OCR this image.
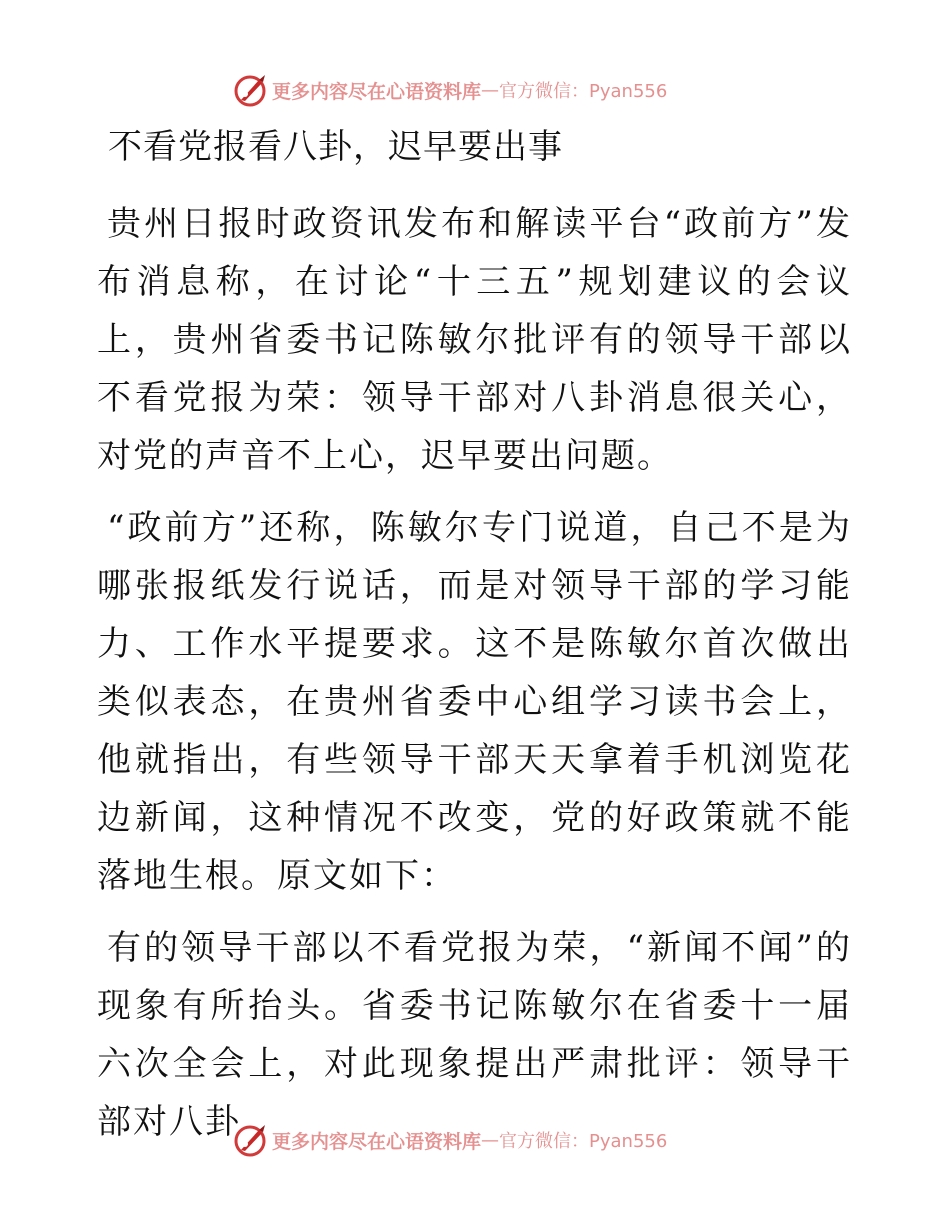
更多内容尽在心语资料库 — 官方微信：Pyan556
不看党报看八卦，迟早要出事

贵州日报时政资讯发布和解读平台“政前方”发布消息称，在讨论“十三五”规划建议的会议上，贵州省委书记陈敏尔批评有的领导干部以不看党报为荣：领导干部对八卦消息很关心，对党的声音不上心，迟早要出问题。

“政前方”还称，陈敏尔专门说道，自己不是为哪张报纸发行说话，而是对领导干部的学习能力、工作水平提要求。这不是陈敏尔首次做出类似表态，在贵州省委中心组学习读书会上，他就指出，有些领导干部天天拿着手机浏览花边新闻，这种情况不改变，党的好政策就不能落地生根。原文如下：

有的领导干部以不看党报为荣，“新闻不闻”的现象有所抬头。省委书记陈敏尔在省委十一届六次全会上，对此现象提出严肃批评：领导干部对八卦	更多内容尽在心语资料库 — 官方微信：Pyan556
